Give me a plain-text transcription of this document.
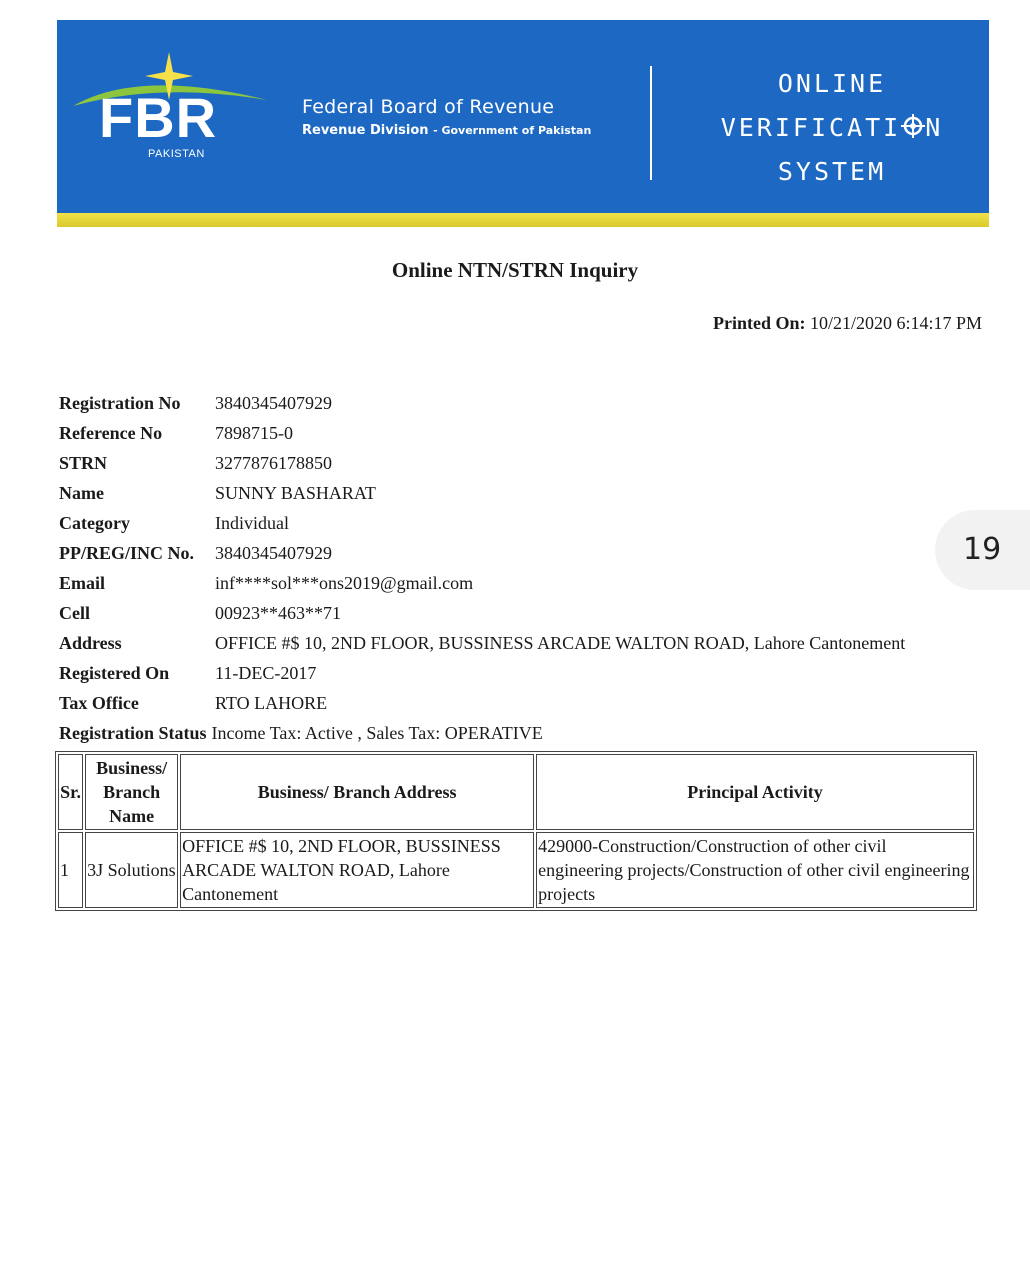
FBR
PAKISTAN
Federal Board of Revenue
Revenue Division - Government of Pakistan
ONLINE
VERIFICATI N
SYSTEM
Online NTN/STRN Inquiry
Printed On: 10/21/2020 6:14:17 PM
Registration No 3840345407929
Reference No	7898715-0
STRN	3277876178850
Name	SUNNY BASHARAT
Category	Individual
PP/REG/INC No. 3840345407929
Email	inf****sol***ons2019@gmail.com
Cell	00923**463**71
Address	OFFICE #$ 10, 2ND FLOOR, BUSSINESS ARCADE WALTON ROAD, Lahore Cantonement
Registered On	11-DEC-2017
Tax Office	RTO LAHORE
Registration Status Income Tax: Active , Sales Tax: OPERATIVE
Sr.	Business/ Branch Name	Business/ Branch Address	Principal Activity
1	3J Solutions	OFFICE #$ 10, 2ND FLOOR, BUSSINESS ARCADE WALTON ROAD, Lahore Cantonement	429000-Construction/Construction of other civil engineering projects/Construction of other civil engineering projects
19
